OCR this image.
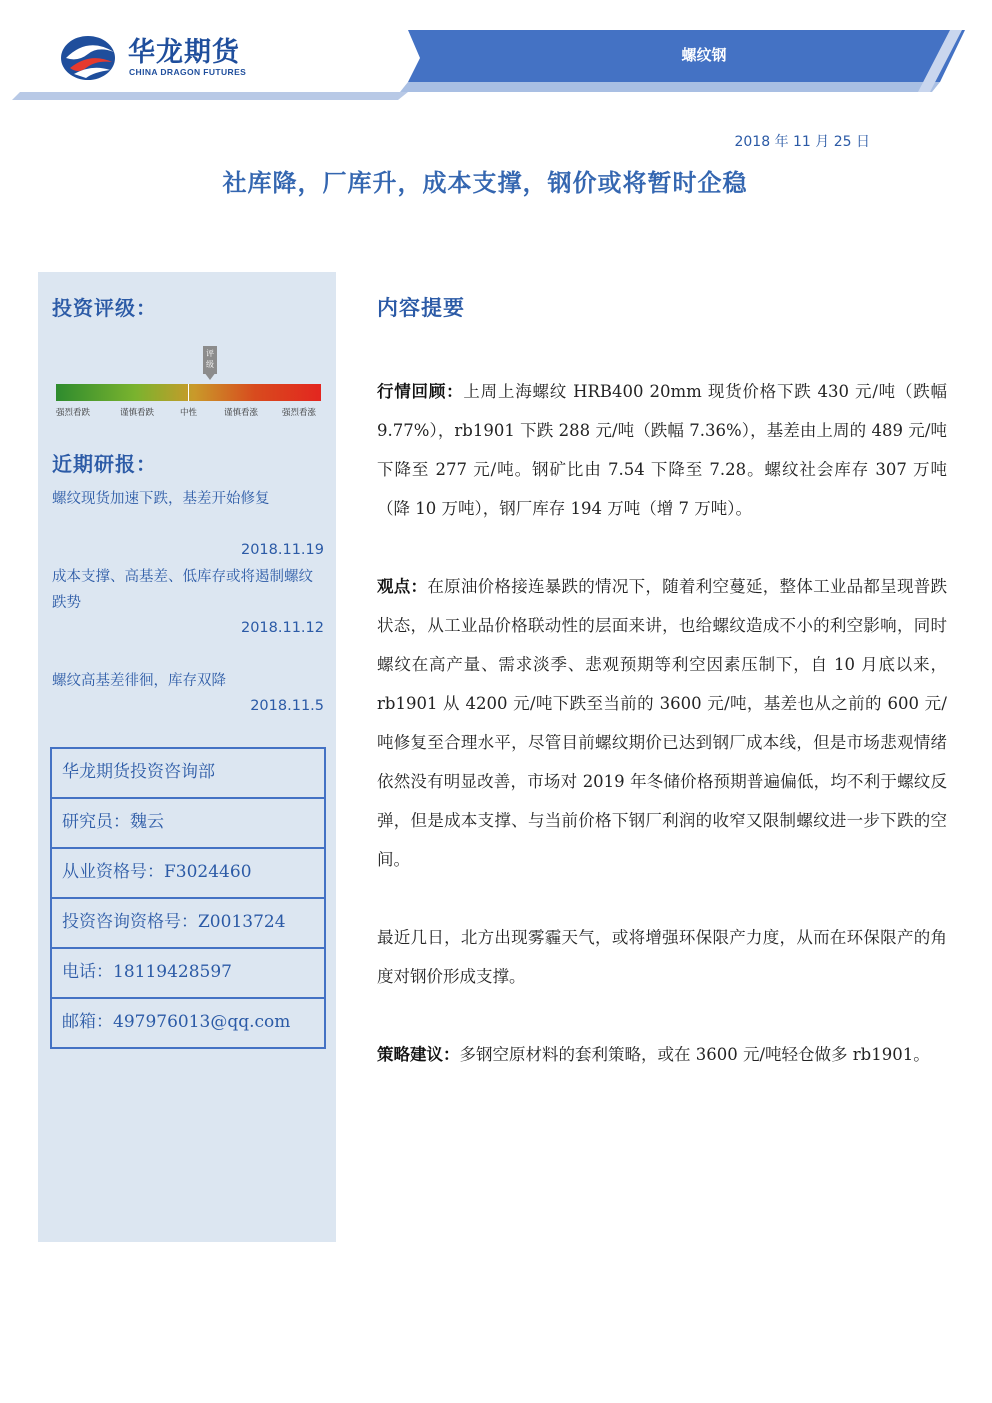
华龙期货
CHINA DRAGON FUTURES
螺纹钢
2018 年 11 月 25 日
社库降，厂库升，成本支撑，钢价或将暂时企稳
投资评级：
评级
强烈看跌	谨慎看跌	中性	谨慎看涨	强烈看涨
近期研报：
螺纹现货加速下跌，基差开始修复
2018.11.19
成本支撑、高基差、低库存或将遏制螺纹跌势
2018.11.12
螺纹高基差徘徊，库存双降
2018.11.5
华龙期货投资咨询部
研究员：魏云
从业资格号：F3024460
投资咨询资格号：Z0013724
电话：18119428597
邮箱：497976013@qq.com
内容提要

行情回顾：上周上海螺纹 HRB400 20mm 现货价格下跌 430 元/吨（跌幅 9.77%），rb1901 下跌 288 元/吨（跌幅 7.36%），基差由上周的 489 元/吨下降至 277 元/吨。钢矿比由 7.54 下降至 7.28。螺纹社会库存 307 万吨（降 10 万吨），钢厂库存 194 万吨（增 7 万吨）。

观点：在原油价格接连暴跌的情况下，随着利空蔓延，整体工业品都呈现普跌状态，从工业品价格联动性的层面来讲，也给螺纹造成不小的利空影响，同时螺纹在高产量、需求淡季、悲观预期等利空因素压制下，自 10 月底以来，rb1901 从 4200 元/吨下跌至当前的 3600 元/吨，基差也从之前的 600 元/吨修复至合理水平，尽管目前螺纹期价已达到钢厂成本线，但是市场悲观情绪依然没有明显改善，市场对 2019 年冬储价格预期普遍偏低，均不利于螺纹反弹，但是成本支撑、与当前价格下钢厂利润的收窄又限制螺纹进一步下跌的空间。

最近几日，北方出现雾霾天气，或将增强环保限产力度，从而在环保限产的角度对钢价形成支撑。

策略建议：多钢空原材料的套利策略，或在 3600 元/吨轻仓做多 rb1901。
